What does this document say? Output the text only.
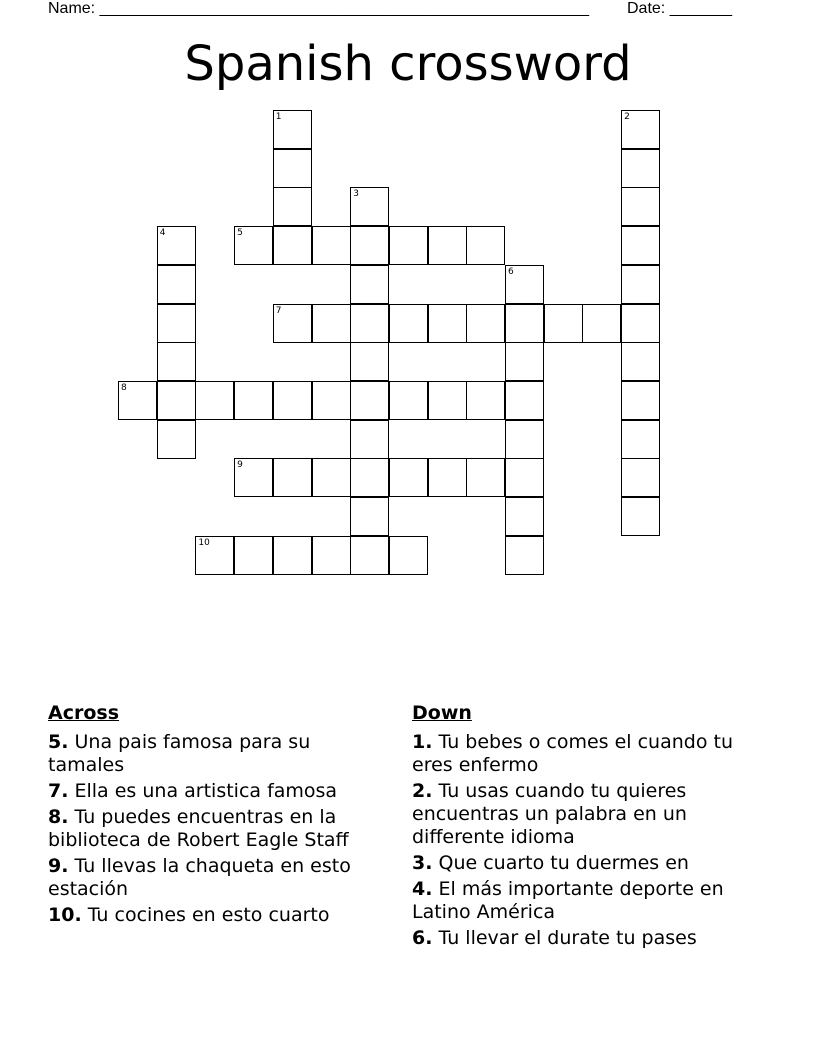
Name: _______________________________________________________ Date: _______
Spanish crossword
1	2
3
4	5
6
7
8
9
10
Across
5. Una pais famosa para su tamales
7. Ella es una artistica famosa
8. Tu puedes encuentras en la biblioteca de Robert Eagle Staff
9. Tu llevas la chaqueta en esto estación
10. Tu cocines en esto cuarto
Down
1. Tu bebes o comes el cuando tu eres enfermo
2. Tu usas cuando tu quieres encuentras un palabra en un differente idioma
3. Que cuarto tu duermes en
4. El más importante deporte en Latino América
6. Tu llevar el durate tu pases
